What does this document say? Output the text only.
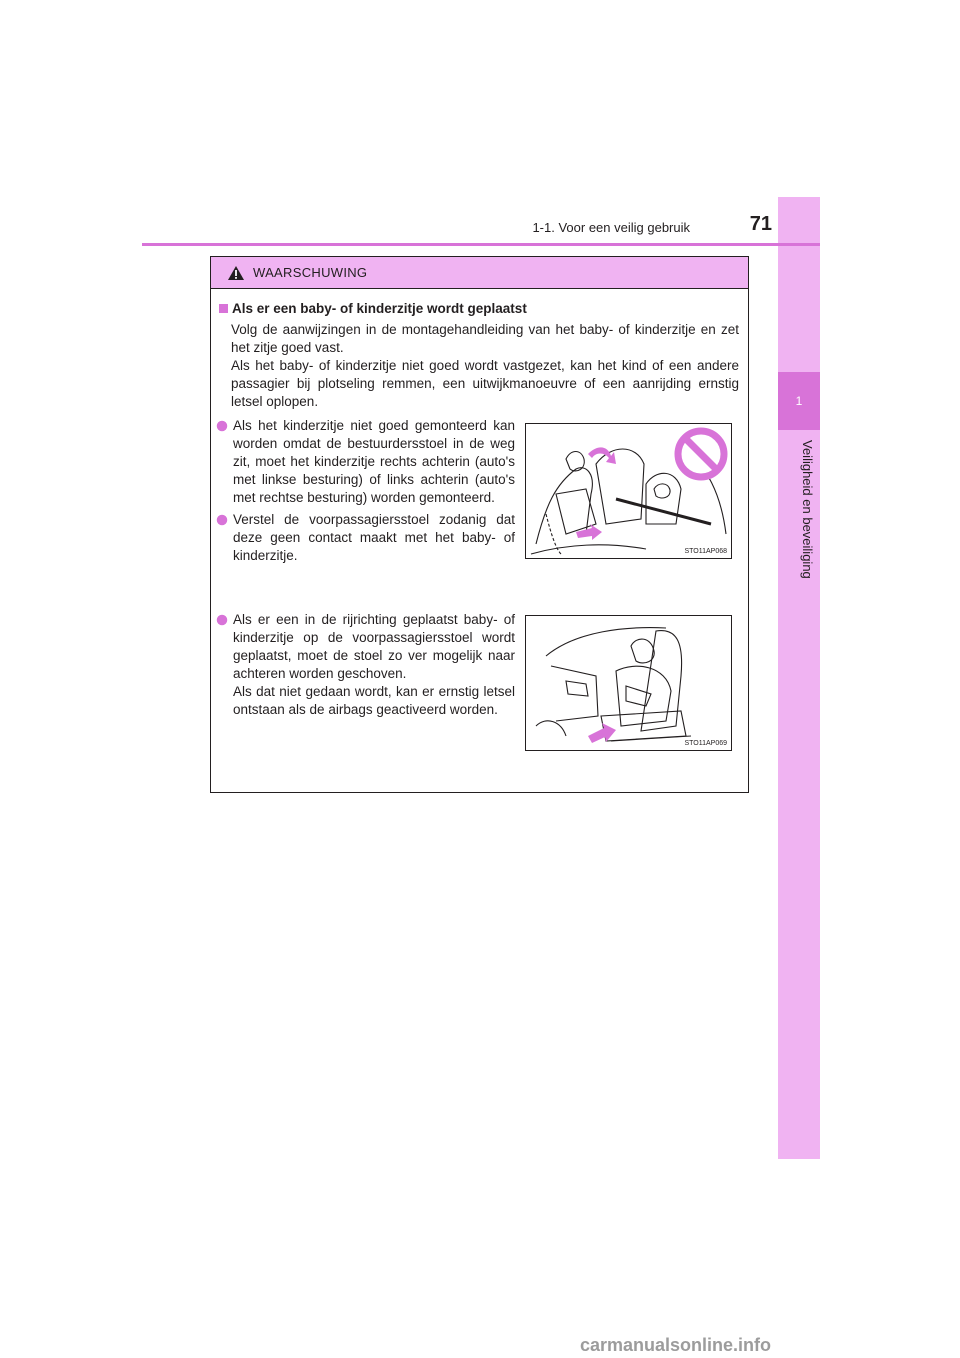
1
Veiligheid en beveiliging
1-1. Voor een veilig gebruik	71
WAARSCHUWING
Als er een baby- of kinderzitje wordt geplaatst

Volg de aanwijzingen in de montagehandleiding van het baby- of kinderzitje en zet het zitje goed vast.

Als het baby- of kinderzitje niet goed wordt vastgezet, kan het kind of een andere passagier bij plotseling remmen, een uitwijkmanoeuvre of een aanrijding ernstig letsel oplopen.

Als het kinderzitje niet goed gemonteerd kan worden omdat de bestuurdersstoel in de weg zit, moet het kinderzitje rechts achterin (auto's met linkse besturing) of links achterin (auto's met rechtse besturing) worden gemonteerd.
Verstel de voorpassagiersstoel zodanig dat deze geen contact maakt met het baby- of kinderzitje.
Als er een in de rijrichting geplaatst baby- of kinderzitje op de voorpassagiersstoel wordt geplaatst, moet de stoel zo ver mogelijk naar achteren worden geschoven.
Als dat niet gedaan wordt, kan er ernstig letsel ontstaan als de airbags geactiveerd worden.
STO11AP068
STO11AP069
carmanualsonline.info
